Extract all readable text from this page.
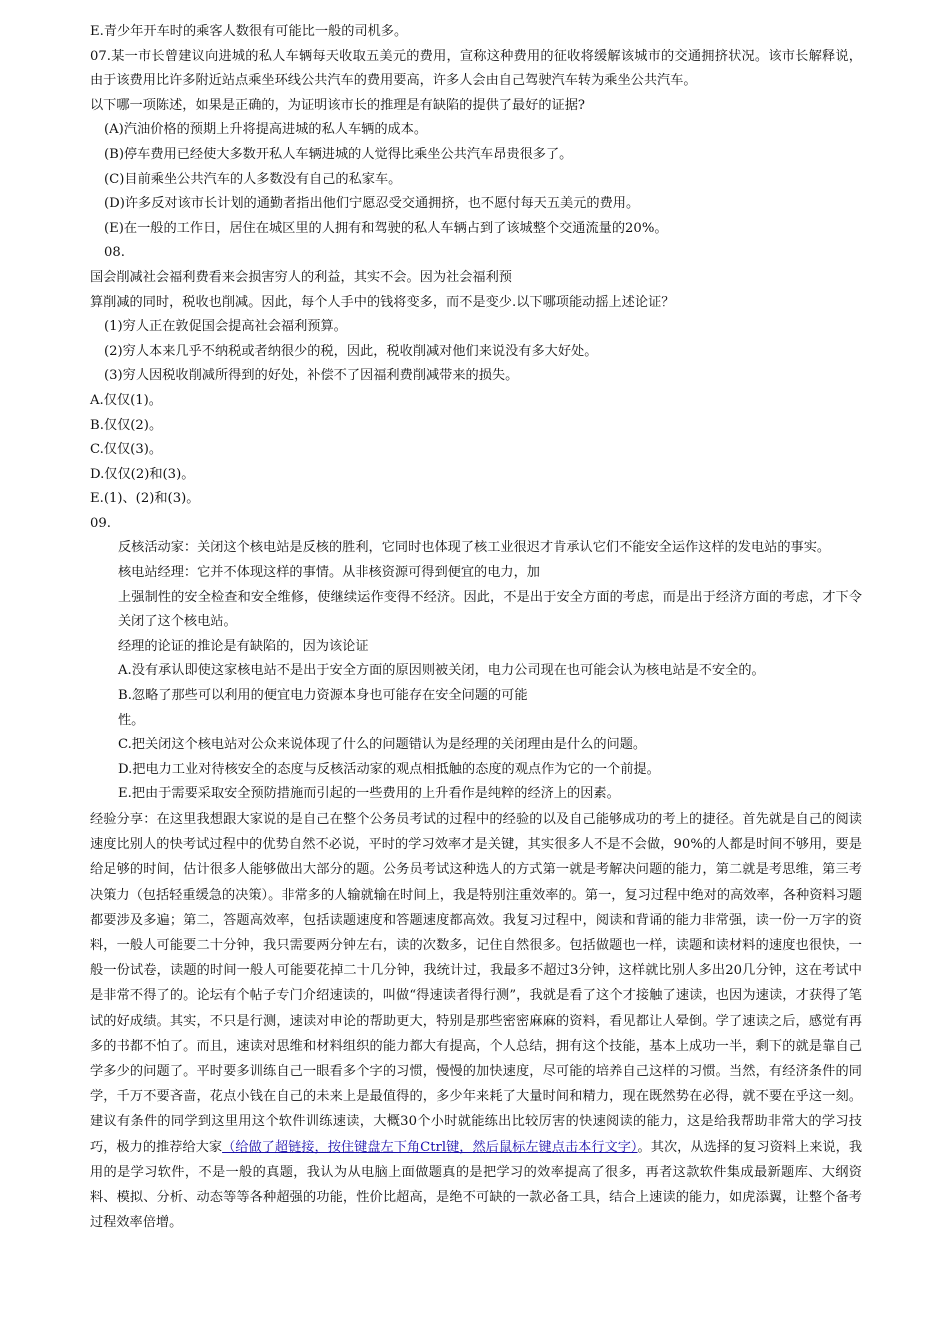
E.青少年开车时的乘客人数很有可能比一般的司机多。

07.某一市长曾建议向进城的私人车辆每天收取五美元的费用，宣称这种费用的征收将缓解该城市的交通拥挤状况。该市长解释说，由于该费用比许多附近站点乘坐环线公共汽车的费用要高，许多人会由自己驾驶汽车转为乘坐公共汽车。

以下哪一项陈述，如果是正确的，为证明该市长的推理是有缺陷的提供了最好的证据?

(A)汽油价格的预期上升将提高进城的私人车辆的成本。

(B)停车费用已经使大多数开私人车辆进城的人觉得比乘坐公共汽车昂贵很多了。

(C)目前乘坐公共汽车的人多数没有自己的私家车。

(D)许多反对该市长计划的通勤者指出他们宁愿忍受交通拥挤，也不愿付每天五美元的费用。

(E)在一般的工作日，居住在城区里的人拥有和驾驶的私人车辆占到了该城整个交通流量的20%。

08.

国会削减社会福利费看来会损害穷人的利益，其实不会。因为社会福利预

算削减的同时，税收也削减。因此，每个人手中的钱将变多，而不是变少.以下哪项能动摇上述论证？

(1)穷人正在敦促国会提高社会福利预算。

(2)穷人本来几乎不纳税或者纳很少的税，因此，税收削减对他们来说没有多大好处。

(3)穷人因税收削减所得到的好处，补偿不了因福利费削减带来的损失。

A.仅仅(1)。

B.仅仅(2)。

C.仅仅(3)。

D.仅仅(2)和(3)。

E.(1)、(2)和(3)。

09.

反核活动家：关闭这个核电站是反核的胜利，它同时也体现了核工业很迟才肯承认它们不能安全运作这样的发电站的事实。

核电站经理：它并不体现这样的事情。从非核资源可得到便宜的电力，加

上强制性的安全检查和安全维修，使继续运作变得不经济。因此，不是出于安全方面的考虑，而是出于经济方面的考虑，才下令关闭了这个核电站。

经理的论证的推论是有缺陷的，因为该论证

A.没有承认即使这家核电站不是出于安全方面的原因则被关闭，电力公司现在也可能会认为核电站是不安全的。

B.忽略了那些可以利用的便宜电力资源本身也可能存在安全问题的可能

性。

C.把关闭这个核电站对公众来说体现了什么的问题错认为是经理的关闭理由是什么的问题。

D.把电力工业对待核安全的态度与反核活动家的观点相抵触的态度的观点作为它的一个前提。

E.把由于需要采取安全预防措施而引起的一些费用的上升看作是纯粹的经济上的因素。

经验分享：在这里我想跟大家说的是自己在整个公务员考试的过程中的经验的以及自己能够成功的考上的捷径。首先就是自己的阅读速度比别人的快考试过程中的优势自然不必说，平时的学习效率才是关键，其实很多人不是不会做，90%的人都是时间不够用，要是给足够的时间，估计很多人能够做出大部分的题。公务员考试这种选人的方式第一就是考解决问题的能力，第二就是考思维，第三考决策力（包括轻重缓急的决策）。非常多的人输就输在时间上，我是特别注重效率的。第一，复习过程中绝对的高效率，各种资料习题都要涉及多遍；第二，答题高效率，包括读题速度和答题速度都高效。我复习过程中，阅读和背诵的能力非常强，读一份一万字的资料，一般人可能要二十分钟，我只需要两分钟左右，读的次数多，记住自然很多。包括做题也一样，读题和读材料的速度也很快，一般一份试卷，读题的时间一般人可能要花掉二十几分钟，我统计过，我最多不超过3分钟，这样就比别人多出20几分钟，这在考试中是非常不得了的。论坛有个帖子专门介绍速读的，叫做“得速读者得行测”，我就是看了这个才接触了速读，也因为速读，才获得了笔试的好成绩。其实，不只是行测，速读对申论的帮助更大，特别是那些密密麻麻的资料，看见都让人晕倒。学了速读之后，感觉有再多的书都不怕了。而且，速读对思维和材料组织的能力都大有提高，个人总结，拥有这个技能，基本上成功一半，剩下的就是靠自己学多少的问题了。平时要多训练自己一眼看多个字的习惯，慢慢的加快速度，尽可能的培养自己这样的习惯。当然，有经济条件的同学，千万不要吝啬，花点小钱在自己的未来上是最值得的，多少年来耗了大量时间和精力，现在既然势在必得，就不要在乎这一刻。建议有条件的同学到这里用这个软件训练速读，大概30个小时就能练出比较厉害的快速阅读的能力，这是给我帮助非常大的学习技巧，极力的推荐给大家（给做了超链接，按住键盘左下角Ctrl键，然后鼠标左键点击本行文字）。其次，从选择的复习资料上来说，我用的是学习软件，不是一般的真题，我认为从电脑上面做题真的是把学习的效率提高了很多，再者这款软件集成最新题库、大纲资料、模拟、分析、动态等等各种超强的功能，性价比超高，是绝不可缺的一款必备工具，结合上速读的能力，如虎添翼，让整个备考过程效率倍增。
